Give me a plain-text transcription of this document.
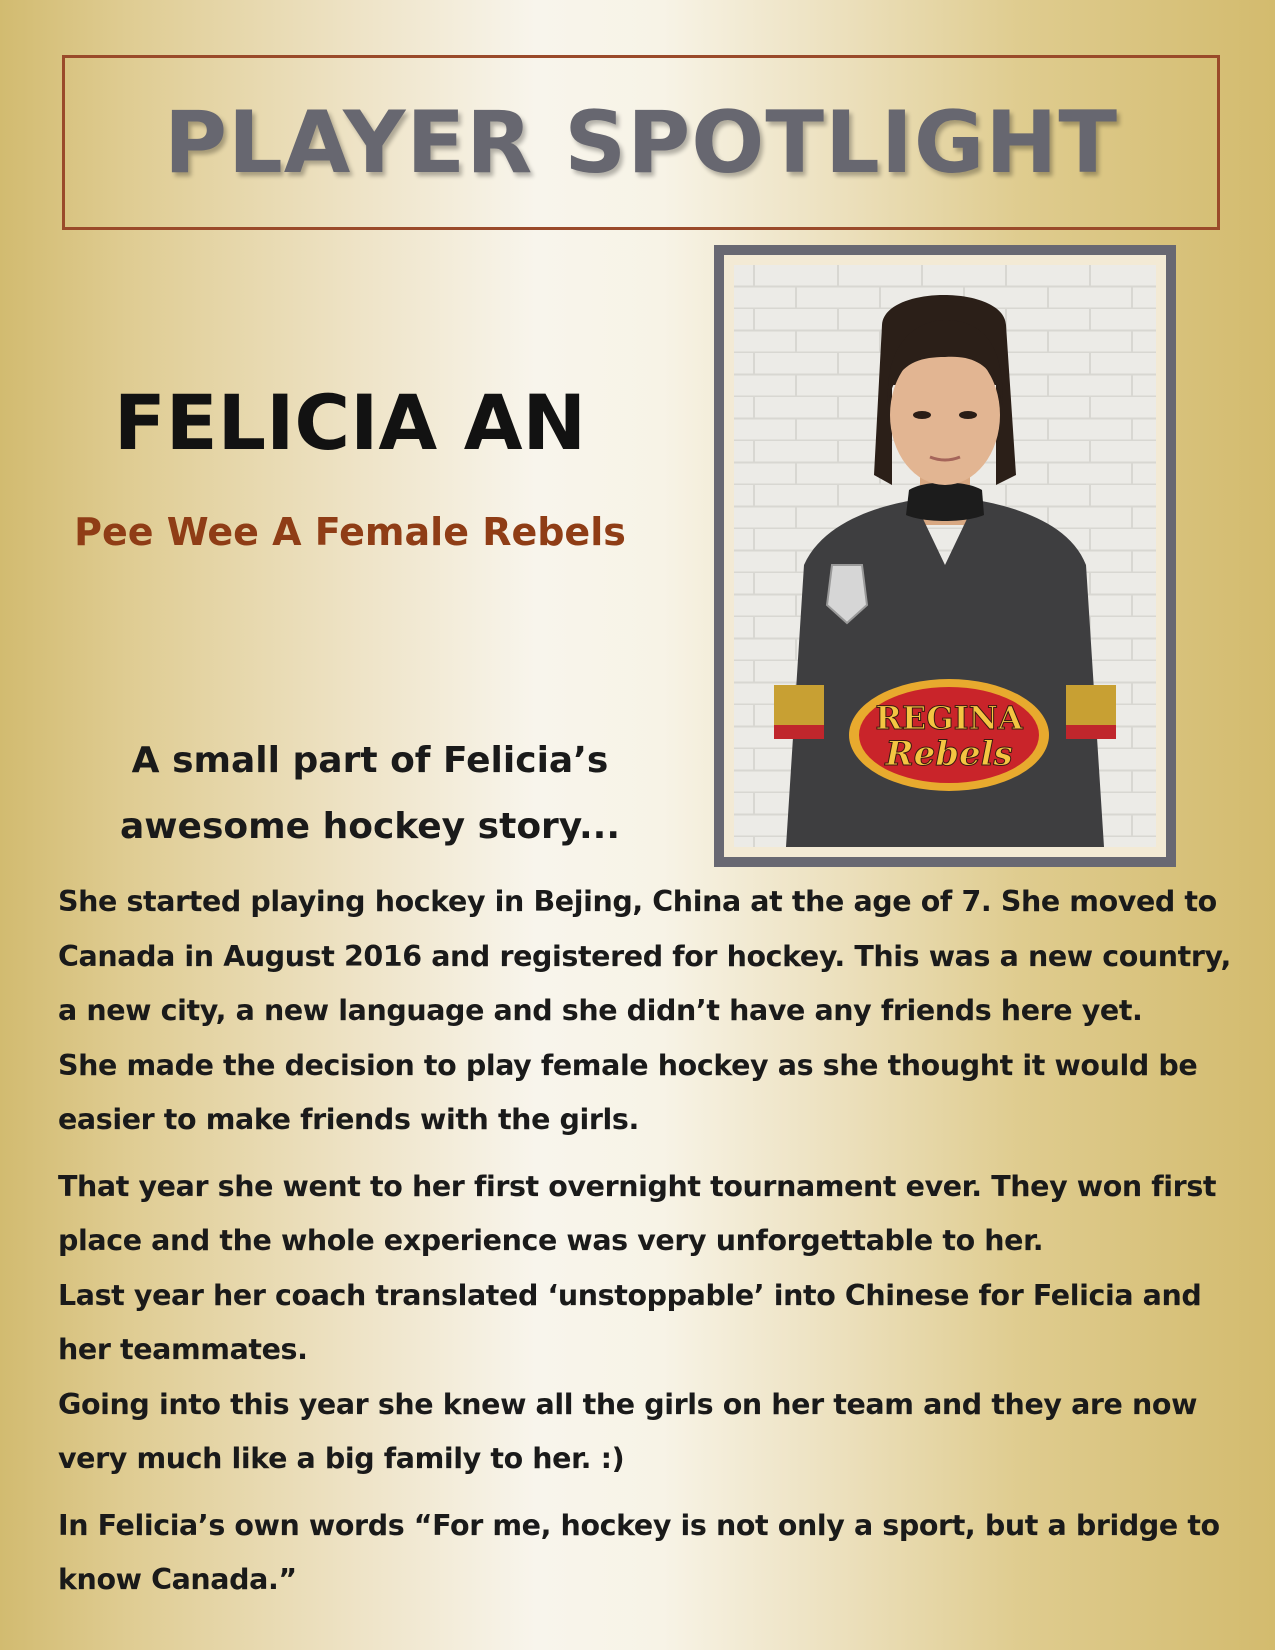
PLAYER SPOTLIGHT
FELICIA AN
Pee Wee A Female Rebels
A small part of Felicia’s
awesome hockey story...
REGINA
Rebels

She started playing hockey in Bejing, China at the age of 7. She moved to Canada in August 2016 and registered for hockey. This was a new country, a new city, a new language and she didn’t have any friends here yet.

She made the decision to play female hockey as she thought it would be easier to make friends with the girls.

That year she went to her first overnight tournament ever. They won first place and the whole experience was very unforgettable to her.

Last year her coach translated ‘unstoppable’ into Chinese for Felicia and her teammates.

Going into this year she knew all the girls on her team and they are now very much like a big family to her. :)

In Felicia’s own words “For me, hockey is not only a sport, but a bridge to know Canada.”
